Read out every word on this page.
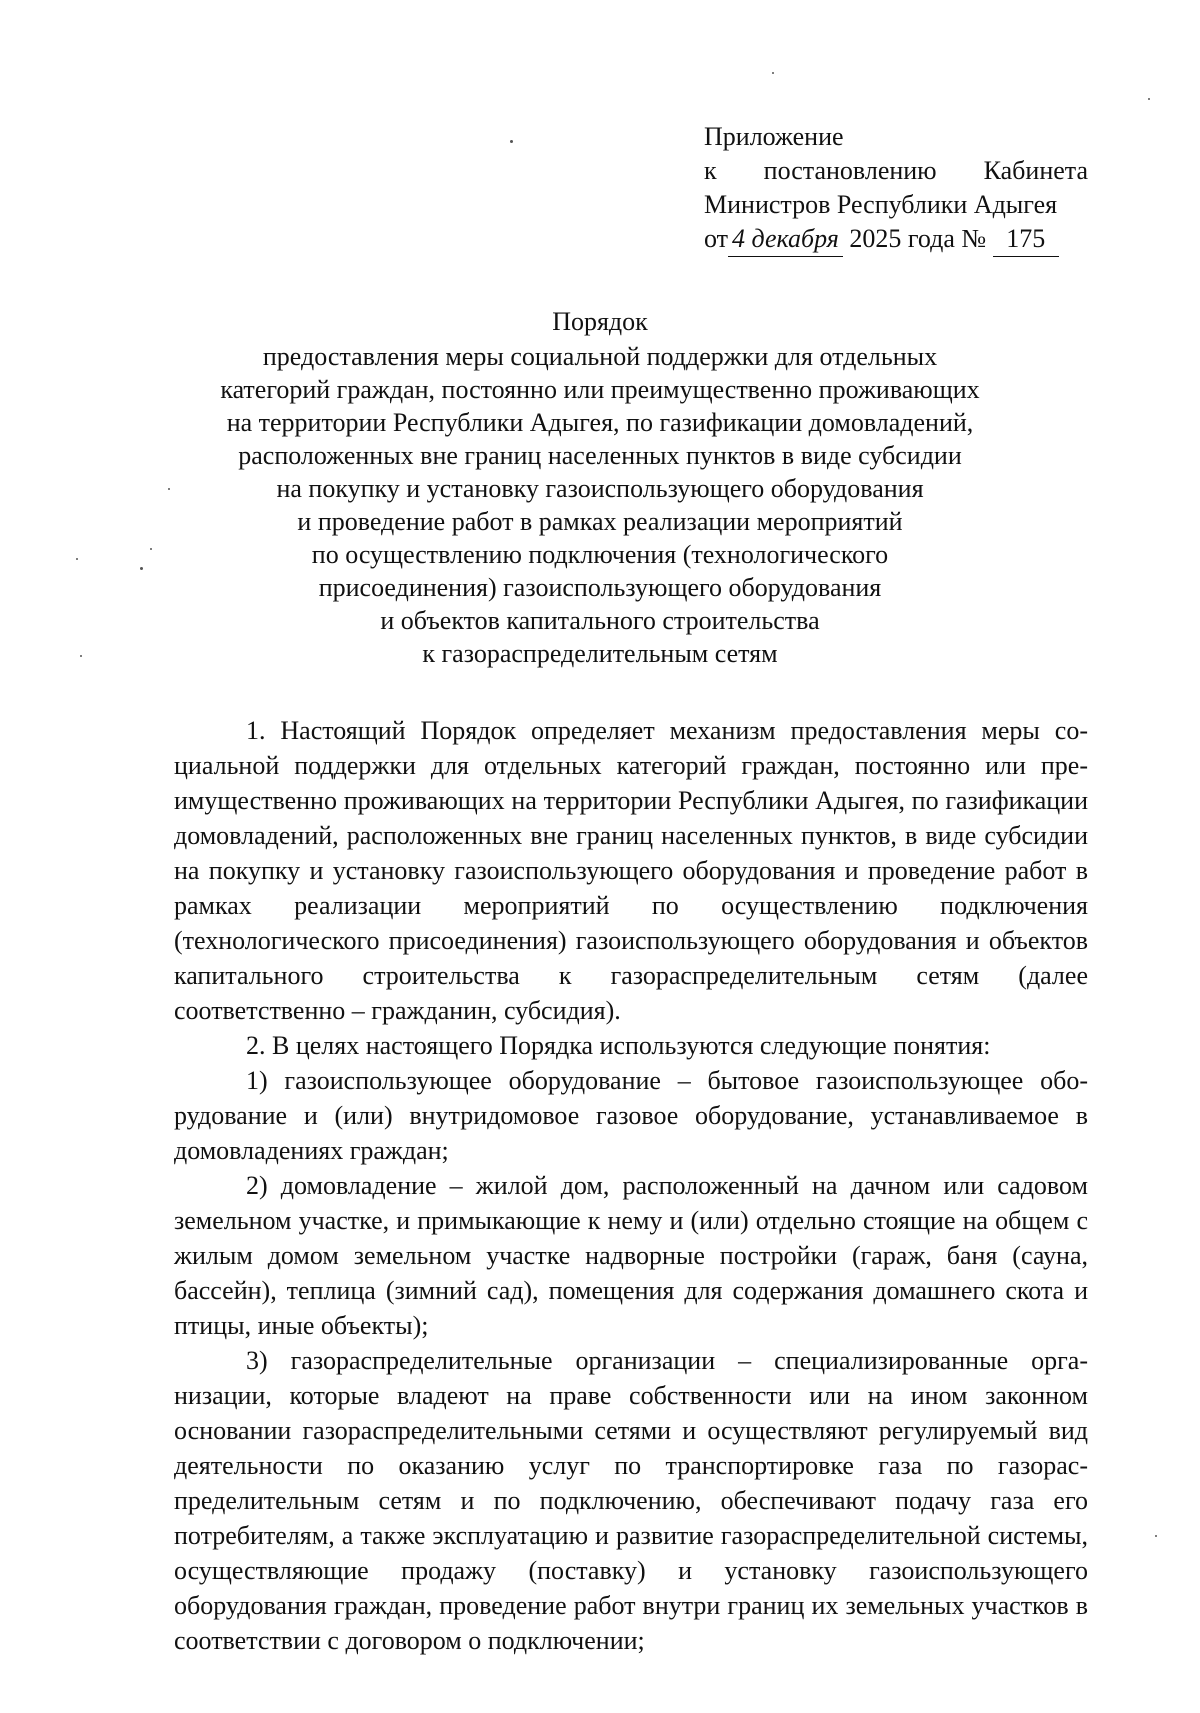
Приложение
к постановлению Кабинета
Министров Республики Адыгея
от 4 декабря 2025 года № 175
Порядок
предоставления меры социальной поддержки для отдельных
категорий граждан, постоянно или преимущественно проживающих
на территории Республики Адыгея, по газификации домовладений,
расположенных вне границ населенных пунктов в виде субсидии
на покупку и установку газоиспользующего оборудования
и проведение работ в рамках реализации мероприятий
по осуществлению подключения (технологического
присоединения) газоиспользующего оборудования
и объектов капитального строительства
к газораспределительным сетям

1. Настоящий Порядок определяет механизм предоставления меры социальной поддержки для отдельных категорий граждан, постоянно или преимущественно проживающих на территории Республики Адыгея, по газификации домовладений, расположенных вне границ населенных пунктов, в виде субсидии на покупку и установку газоиспользующего оборудования и проведение работ в рамках реализации мероприятий по осуществлению подключения (технологического присоединения) газоиспользующего оборудования и объектов капитального строительства к газораспределительным сетям (далее соответственно – гражданин, субсидия).

2. В целях настоящего Порядка используются следующие понятия:

1) газоиспользующее оборудование – бытовое газоиспользующее оборудование и (или) внутридомовое газовое оборудование, устанавливаемое в домовладениях граждан;

2) домовладение – жилой дом, расположенный на дачном или садовом земельном участке, и примыкающие к нему и (или) отдельно стоящие на общем с жилым домом земельном участке надворные постройки (гараж, баня (сауна, бассейн), теплица (зимний сад), помещения для содержания домашнего скота и птицы, иные объекты);

3) газораспределительные организации – специализированные организации, которые владеют на праве собственности или на ином законном основании газораспределительными сетями и осуществляют регулируемый вид деятельности по оказанию услуг по транспортировке газа по газораспределительным сетям и по подключению, обеспечивают подачу газа его потребителям, а также эксплуатацию и развитие газораспределительной системы, осуществляющие продажу (поставку) и установку газоиспользующего оборудования граждан, проведение работ внутри границ их земельных участков в соответствии с договором о подключении;
